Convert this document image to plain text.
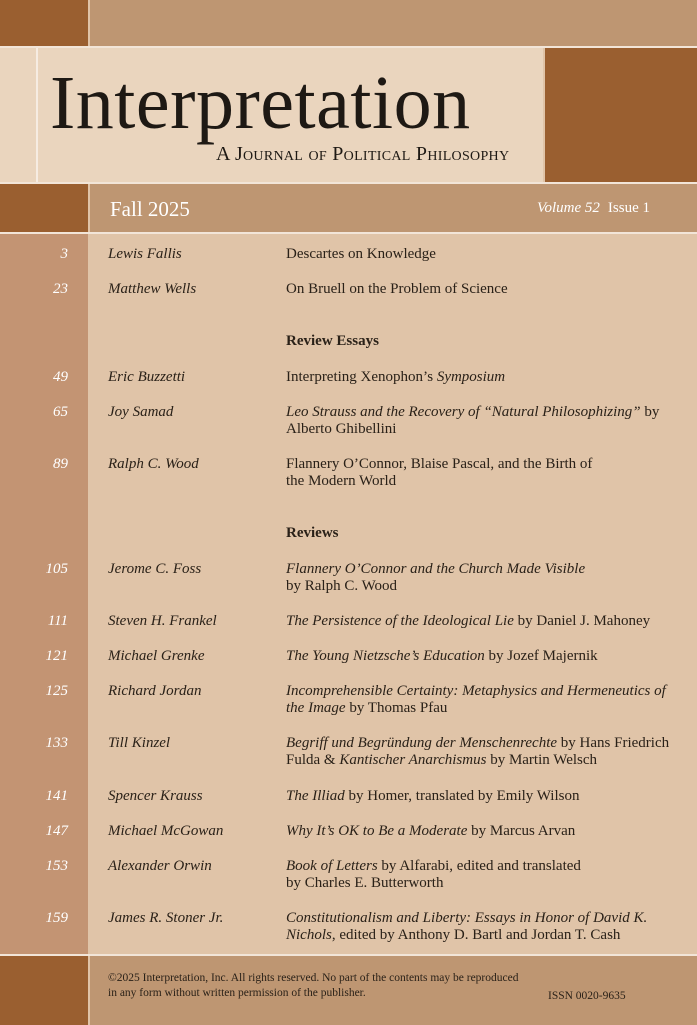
Interpretation
A Journal of Political Philosophy
Fall 2025	Volume 52 Issue 1
3	Lewis Fallis	Descartes on Knowledge
23	Matthew Wells	On Bruell on the Problem of Science
Review Essays
49	Eric Buzzetti	Interpreting Xenophon’s Symposium
65	Joy Samad	Leo Strauss and the Recovery of “Natural Philosophizing” by Alberto Ghibellini
89	Ralph C. Wood	Flannery O’Connor, Blaise Pascal, and the Birth of the Modern World
Reviews
105	Jerome C. Foss	Flannery O’Connor and the Church Made Visible by Ralph C. Wood
111	Steven H. Frankel	The Persistence of the Ideological Lie by Daniel J. Mahoney
121	Michael Grenke	The Young Nietzsche’s Education by Jozef Majernik
125	Richard Jordan	Incomprehensible Certainty: Metaphysics and Hermeneutics of the Image by Thomas Pfau
133	Till Kinzel	Begriff und Begründung der Menschenrechte by Hans Friedrich Fulda & Kantischer Anarchismus by Martin Welsch
141	Spencer Krauss	The Illiad by Homer, translated by Emily Wilson
147	Michael McGowan	Why It’s OK to Be a Moderate by Marcus Arvan
153	Alexander Orwin	Book of Letters by Alfarabi, edited and translated by Charles E. Butterworth
159	James R. Stoner Jr.	Constitutionalism and Liberty: Essays in Honor of David K. Nichols, edited by Anthony D. Bartl and Jordan T. Cash
©2025 Interpretation, Inc. All rights reserved. No part of the contents may be reproduced in any form without written permission of the publisher.	ISSN 0020-9635
